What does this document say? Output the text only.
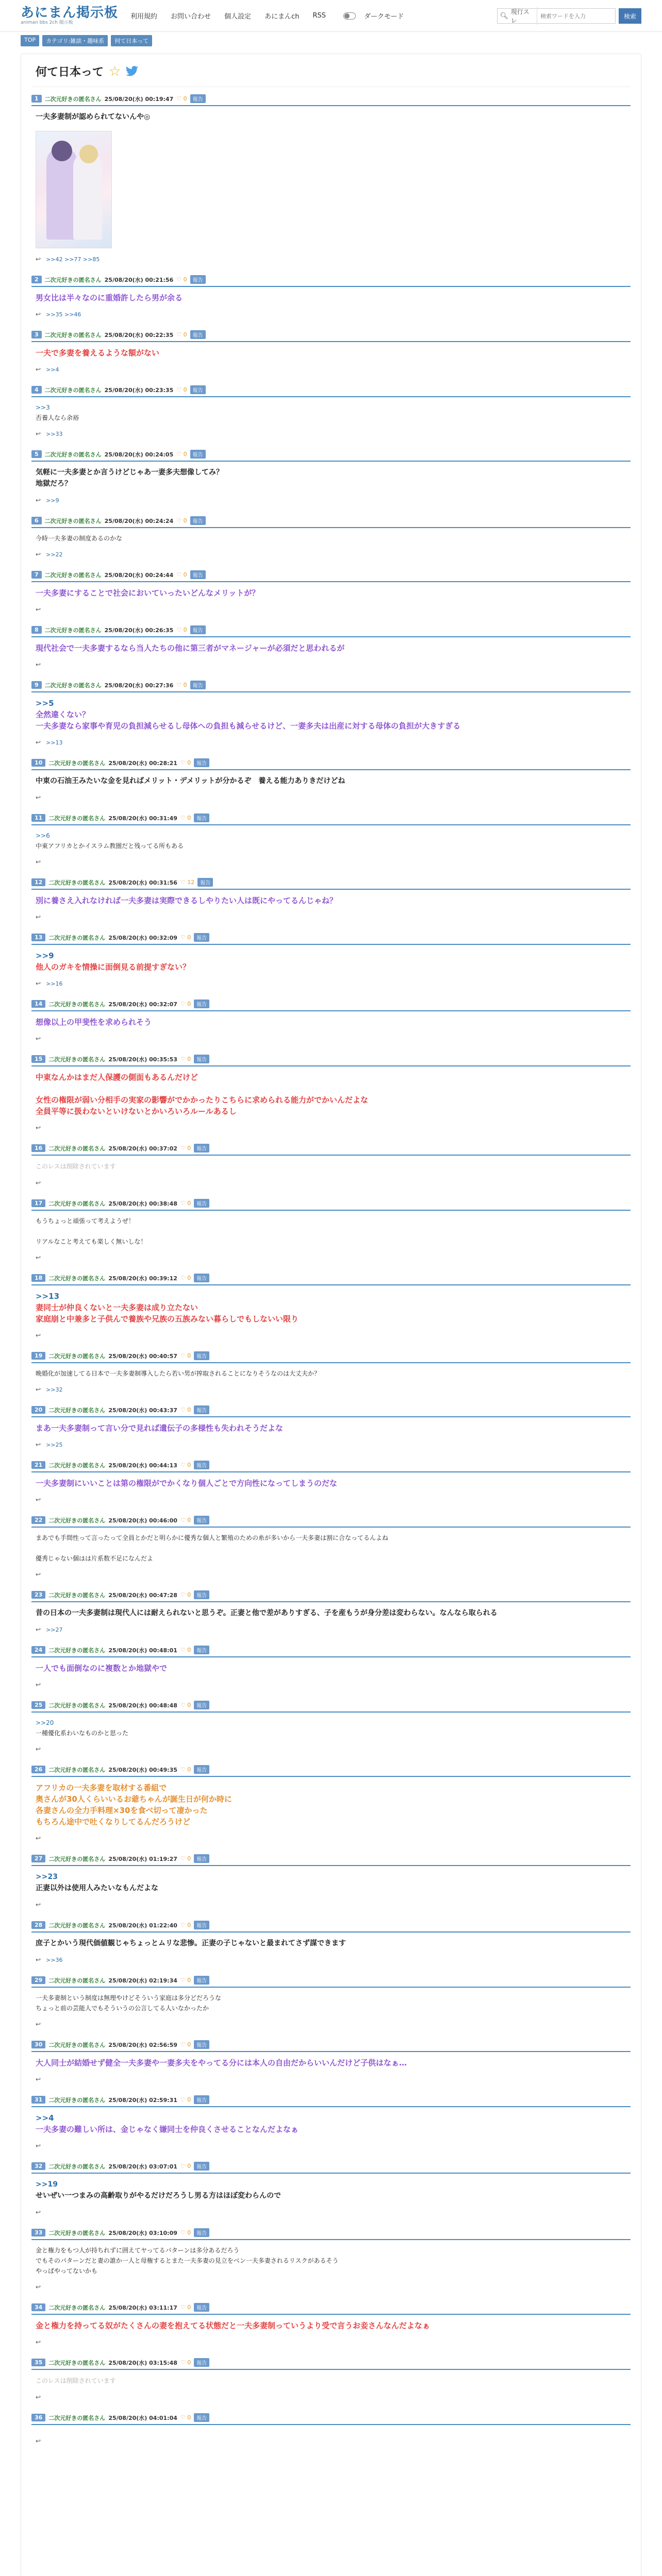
あにまん掲示板
animan bbs 2ch 掲示板
利用規約 お問い合わせ 個人設定 あにまんch RSS	ダークモード	🔍︎
現行スレ
検索ワードを入力
検索
TOP	カテゴリ:雑談・趣味系	何て日本って
何て日本って ☆
1	二次元好きの匿名さん 25/08/20(水) 00:19:47 ♡ 0	報告
一夫多妻制が認められてないんや◎
↩ >>42 >>77 >>85
2	二次元好きの匿名さん 25/08/20(水) 00:21:56 ♡ 0	報告
男女比は半々なのに重婚許したら男が余る
↩ >>35 >>46
3	二次元好きの匿名さん 25/08/20(水) 00:22:35 ♡ 0	報告
一夫で多妻を養えるような額がない
↩ >>4
4	二次元好きの匿名さん 25/08/20(水) 00:23:35 ♡ 0	報告
>>3
否養人なら余裕
↩ >>33
5	二次元好きの匿名さん 25/08/20(水) 00:24:05 ♡ 0	報告
気軽に一夫多妻とか言うけどじゃあ一妻多夫想像してみ？
地獄だろ？
↩ >>9
6	二次元好きの匿名さん 25/08/20(水) 00:24:24 ♡ 0	報告
今時一夫多妻の制度あるのかな
↩ >>22
7	二次元好きの匿名さん 25/08/20(水) 00:24:44 ♡ 0	報告
一夫多妻にすることで社会においていったいどんなメリットが？
↩
8	二次元好きの匿名さん 25/08/20(水) 00:26:35 ♡ 0	報告
現代社会で一夫多妻するなら当人たちの他に第三者がマネージャーが必須だと思われるが
↩
9	二次元好きの匿名さん 25/08/20(水) 00:27:36 ♡ 0	報告
>>5
全然違くない？
一夫多妻なら家事や育児の負担減らせるし母体への負担も減らせるけど、一妻多夫は出産に対する母体の負担が大きすぎる
↩ >>13
10	二次元好きの匿名さん 25/08/20(水) 00:28:21 ♡ 0	報告
中東の石油王みたいな金を見ればメリット・デメリットが分かるぞ　養える能力ありきだけどね
↩
11	二次元好きの匿名さん 25/08/20(水) 00:31:49 ♡ 0	報告
>>6
中東アフリカとかイスラム教圏だと残ってる所もある
↩
12	二次元好きの匿名さん 25/08/20(水) 00:31:56 ♡ 12	報告
別に養さえ入れなければ一夫多妻は実際できるしやりたい人は既にやってるんじゃね？
↩
13	二次元好きの匿名さん 25/08/20(水) 00:32:09 ♡ 0	報告
>>9
他人のガキを情操に面倒見る前提すぎない？
↩ >>16
14	二次元好きの匿名さん 25/08/20(水) 00:32:07 ♡ 0	報告
想像以上の甲斐性を求められそう
↩
15	二次元好きの匿名さん 25/08/20(水) 00:35:53 ♡ 0	報告
中東なんかはまだ人保護の側面もあるんだけど

女性の権限が弱い分相手の実家の影響がでかかったりこちらに求められる能力がでかいんだよな
全員平等に扱わないといけないとかいろいろルールあるし
↩
16	二次元好きの匿名さん 25/08/20(水) 00:37:02 ♡ 0	報告
このレスは削除されています
↩
17	二次元好きの匿名さん 25/08/20(水) 00:38:48 ♡ 0	報告
もうちょっと頑張って考えようぜ！

リアルなこと考えても楽しく無いしな！
↩
18	二次元好きの匿名さん 25/08/20(水) 00:39:12 ♡ 0	報告
>>13
妻同士が仲良くないと一夫多妻は成り立たない
家庭崩と中兼多と子供んで養族や兄族の五族みない暮らしでもしないい限り
↩
19	二次元好きの匿名さん 25/08/20(水) 00:40:57 ♡ 0	報告
晩婚化が加速してる日本で一夫多妻制導入したら若い男が搾取されることになりそうなのは大丈夫か？
↩ >>32
20	二次元好きの匿名さん 25/08/20(水) 00:43:37 ♡ 0	報告
まあ一夫多妻制って言い分で見れば遺伝子の多様性も失われそうだよな
↩ >>25
21	二次元好きの匿名さん 25/08/20(水) 00:44:13 ♡ 0	報告
一夫多妻制にいいことは第の権限がでかくなり個人ごとで方向性になってしまうのだな
↩
22	二次元好きの匿名さん 25/08/20(水) 00:46:00 ♡ 0	報告
まあでも手間性って言ったって全員とかだと明らかに優秀な個人と繁殖のための糸が多いから一夫多妻は割に合なってるんよね

優秀じゃない個はは片系数不足になんだよ
↩
23	二次元好きの匿名さん 25/08/20(水) 00:47:28 ♡ 0	報告
昔の日本の一夫多妻制は現代人には耐えられないと思うぞ。正妻と他で差がありすぎる、子を産もうが身分差は変わらない。なんなら取られる
↩ >>27
24	二次元好きの匿名さん 25/08/20(水) 00:48:01 ♡ 0	報告
一人でも面倒なのに複数とか地獄やで
↩
25	二次元好きの匿名さん 25/08/20(水) 00:48:48 ♡ 0	報告
>>20
一種優化系わいなものかと思った
↩
26	二次元好きの匿名さん 25/08/20(水) 00:49:35 ♡ 0	報告
アフリカの一夫多妻を取材する番組で
奥さんが30人くらいいるお爺ちゃんが誕生日が何か時に
各妻さんの全力手料理×30を食べ切って凄かった
もちろん途中で吐くなりしてるんだろうけど
↩
27	二次元好きの匿名さん 25/08/20(水) 01:19:27 ♡ 0	報告
>>23
正妻以外は使用人みたいなもんだよな
↩
28	二次元好きの匿名さん 25/08/20(水) 01:22:40 ♡ 0	報告
庶子とかいう現代価値観じゃちょっとムリな悲惨。正妻の子じゃないと最まれてさず謀できます
↩ >>36
29	二次元好きの匿名さん 25/08/20(水) 02:19:34 ♡ 0	報告
一夫多妻制という制度は無理やけどそういう家庭は多分どだろうな
ちょっと前の芸能人でもそういうの公言してる人いなかったか
↩
30	二次元好きの匿名さん 25/08/20(水) 02:56:59 ♡ 0	報告
大人同士が結婚せず健全一夫多妻や一妻多夫をやってる分には本人の自由だからいいんだけど子供はなぁ…
↩
31	二次元好きの匿名さん 25/08/20(水) 02:59:31 ♡ 0	報告
>>4
一夫多妻の難しい所は、金じゃなく嫌同士を仲良くさせることなんだよなぁ
↩
32	二次元好きの匿名さん 25/08/20(水) 03:07:01 ♡ 0	報告
>>19
せいぜい一つまみの高齢取りがやるだけだろうし男る方はほぼ変わらんので
↩
33	二次元好きの匿名さん 25/08/20(水) 03:10:09 ♡ 0	報告
金と権力をもつ人が持ちれずに囲えてヤってるパターンは多分あるだろう
でもそのパターンだと妻の誰か一人と母権するとまた一夫多妻の見立をベン一夫多妻されるリスクがあるそう
やっぱやってないかも
↩
34	二次元好きの匿名さん 25/08/20(水) 03:11:17 ♡ 0	報告
金と権力を持ってる奴がたくさんの妻を抱えてる状態だと一夫多妻制っていうより受で言うお妾さんなんだよなぁ
↩
35	二次元好きの匿名さん 25/08/20(水) 03:15:48 ♡ 0	報告
このレスは削除されています
↩
36	二次元好きの匿名さん 25/08/20(水) 04:01:04 ♡ 0	報告
↩
